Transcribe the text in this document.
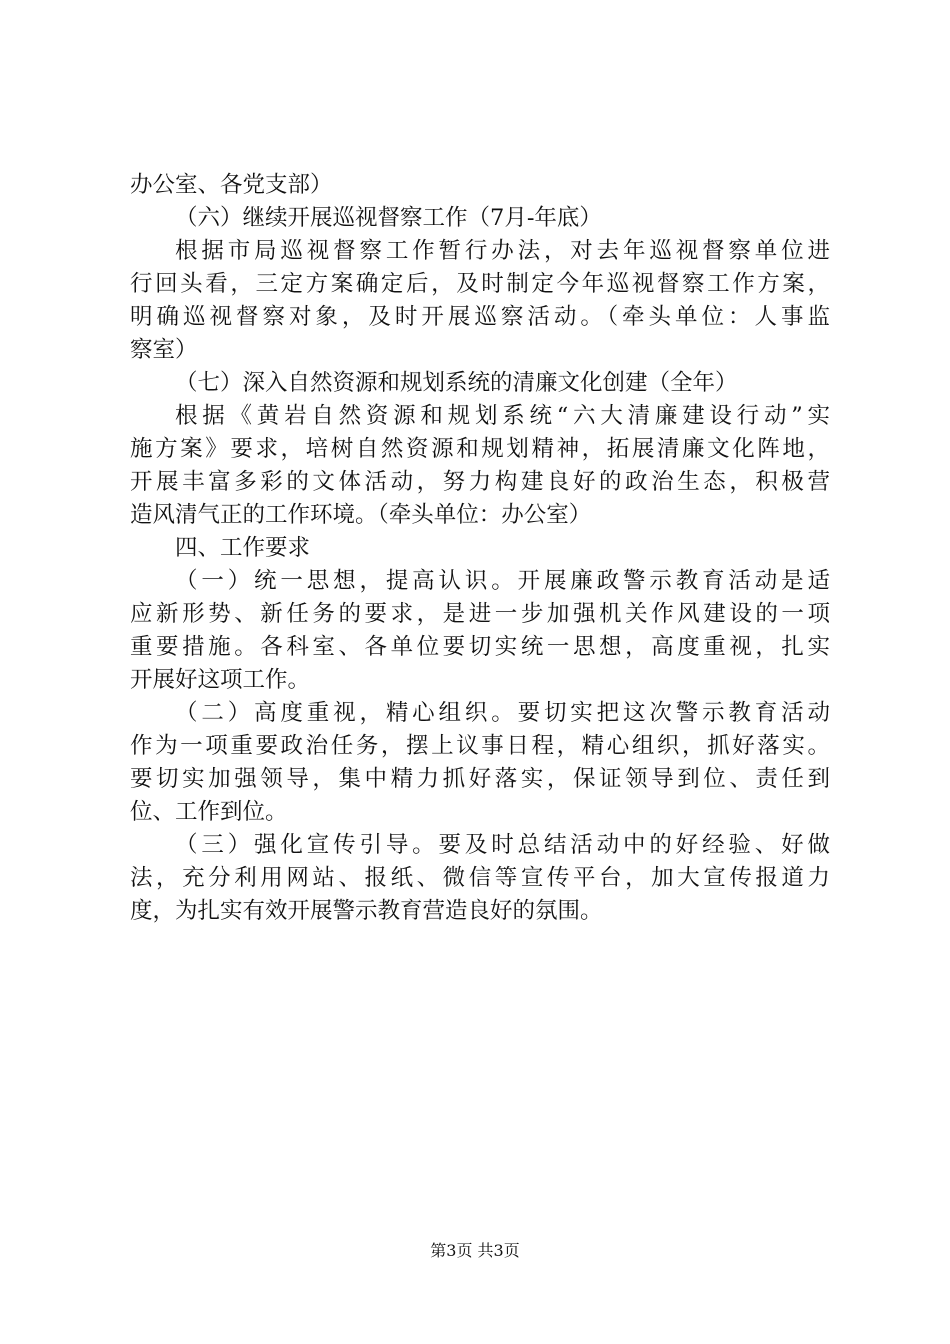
办公室、各党支部）
（六）继续开展巡视督察工作（7月-年底）
根据市局巡视督察工作暂行办法，对去年巡视督察单位进
行回头看，三定方案确定后，及时制定今年巡视督察工作方案，
明确巡视督察对象，及时开展巡察活动。（牵头单位：人事监
察室）
（七）深入自然资源和规划系统的清廉文化创建（全年）
根据《黄岩自然资源和规划系统“六大清廉建设行动”实
施方案》要求，培树自然资源和规划精神，拓展清廉文化阵地，
开展丰富多彩的文体活动，努力构建良好的政治生态，积极营
造风清气正的工作环境。（牵头单位：办公室）
四、工作要求
（一）统一思想，提高认识。开展廉政警示教育活动是适
应新形势、新任务的要求，是进一步加强机关作风建设的一项
重要措施。各科室、各单位要切实统一思想，高度重视，扎实
开展好这项工作。
（二）高度重视，精心组织。要切实把这次警示教育活动
作为一项重要政治任务，摆上议事日程，精心组织，抓好落实。
要切实加强领导，集中精力抓好落实，保证领导到位、责任到
位、工作到位。
（三）强化宣传引导。要及时总结活动中的好经验、好做
法，充分利用网站、报纸、微信等宣传平台，加大宣传报道力
度，为扎实有效开展警示教育营造良好的氛围。
第3页 共3页
